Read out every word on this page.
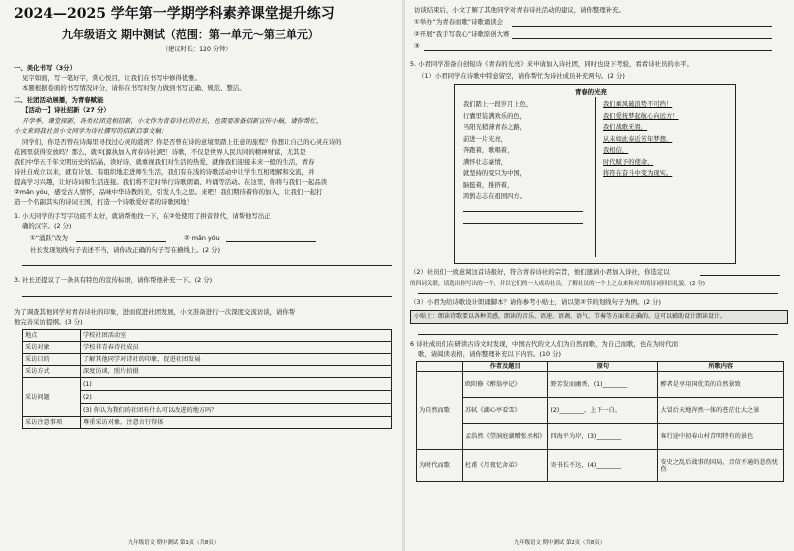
2024—2025 学年第一学期学科素养课堂提升练习
九年级语文 期中测试（范围：第一单元～第三单元）
（建议时长：120 分钟）
一、美化书写（3分）
见字如面，写一笔好字，赏心悦目，让我们在书写中修得优雅。
本题根据卷面的书写情况评分，请你在书写时努力做到书写正确、规范、整洁。
二、社团活动展播，为青春赋能
【活动一】诗社招新（27 分）
开学季，课堂探新，各类社团竞相招新，小文作为青春诗社的社长，也需要准备招新宣传小稿，请你帮忙，
小文来到我社员小文同学为诗社撰写的招新启事文稿：
同学们，你是否曾在诗海里寻找过心灵的港湾？你是否曾在诗的意境里踏上任意的旅程？你想让自己的心灵在诗的
花园里获得安放吗？那么，就①[源执加入青春诗社]吧！诗歌，不仅是世界人民共同的精神财富，尤其是
我们中华五千年文明历史的结晶，读好诗，就重视我们对生活的热爱，就像我们迎接未来一般的生活，青春
诗社自成立以来，就有计划、有组织地走进师生生活，我们有在浅的诗歌活动中让学生互相理解和交流，并
提高学习兴趣，让好诗词和生活连接。我们将不定时举行诗歌朗诵、吟诵等活动。在这里，你将与我们一起品读
②mǎn yóu，感受古人情怀，品味中华诗教的美，引发人生之思。来吧！我们期待着你的加入，让我们一起打
造一个名副其实的诗词王国，打造一个诗歌爱好者的诗歌园地！
1. 小天同学的手写字功底不太好，就请帮他找一下，在②处使用了拼音替代，请帮他写出正
确的汉字。(2 分)
①“涌跃”改为	② mǎn yóu
社长发现划线句子表述不当，请你改正确的句子写在横线上。(2 分)
3. 社长还提议了一条具有特色的宣传标语，请你帮他补充一下。(2 分)
为了调查其他同学对青春诗社的印象，进而促进社团发展，小文准备进行一次深度交流访谈，请你帮
他完善采访提纲。(3 分)
地点	学校社团活动室
采访对象	学校非青春诗社成员
采访目的	了解其他同学对诗社的印象，促进社团发展
采访方式	深度访谈，照片拍摄
采访问题	(1)
	(2)
	(3) 你认为我们的社团有什么可以改进的地方吗？
采访注意事项	尊重采访对象，注意言行得体
九年级语文 期中测试 第1页（共8页）
访谈结束后，小文了解了其他同学对青春诗社活动的建议，请你整理补充。
①举办“为青春而歌”诗歌诵读会
②开展“我手写我心”诗歌原创大赛
③
5. 小君同学准备自创短诗《青春的光亮》来申请加入诗社团，同时也设下考验，看看诗社员的水平。
（1）小君同学在诗歌中特意留空，请你帮忙为诗社成员补充两句。(2 分)
青春的光亮
我们踏上一段岁月上色，
行囊里装满欢乐的色，
当阳光稍薄青春之路，
前进一片光亮，
奔跑着，歌唱着，
满怀壮志豪情，
就坚持的变只为中国，
脑挺着，推挤着，
鸿鹄志志在祖国四方。
我们乘风破浪势不可挡！
我们爱抚梦起航心向远方！
我们战歌无畏，
从未如此泰近芳年梦想，
我相信，
时代赋予的使命，
将符在奋斗中变为现实。
（2）社员们一致意阅这首诗报好，符合青春诗社的宗旨，他们邀请小君加入诗社，你选定以
的四词关联，请选出你写出的一个，并以它们的一人成功社员，了解社员的一个上之点来和对其的诗词回信礼貌。(2 分)
（3）小君为给诗歌设计朗诵脚本？请你参考小贴士，请以第②节的划线句子为例。(2 分)
小贴士：朗读诗歌要以各种美感，朗读的音乐、语速、语调、语气、节奏等方面来正确的。这可以辅助设计朗读设计。
6 诗社成员们在研读古诗文时发现，中国古代的文人们为自然而歌，为自己而歌，也在为时代而
歌，请阅读表格，请你整理补充以下内容。(10 分)
	作者及题目	原句	所歌内容
为自然而歌	欧阳修《醉翁亭记》	野芳发而幽香，(1)________	醉者是享用国优美的自然景致
	苏轼《湖心亭看雪》	(2)________，上下一白。	大冒后天地浑然一体的苍茫壮大之景
	孟浩然《望洞庭湖赠张丞相》	四海平为岸，(3)________	客行途中初春山村青明特有的景色
为时代而歌	杜甫《月夜忆舍弟》	寄书长不达，(4)________	安史之乱后战事的国局，音信不通的悲伤忧伤
九年级语文 期中测试 第2页（共8页）
